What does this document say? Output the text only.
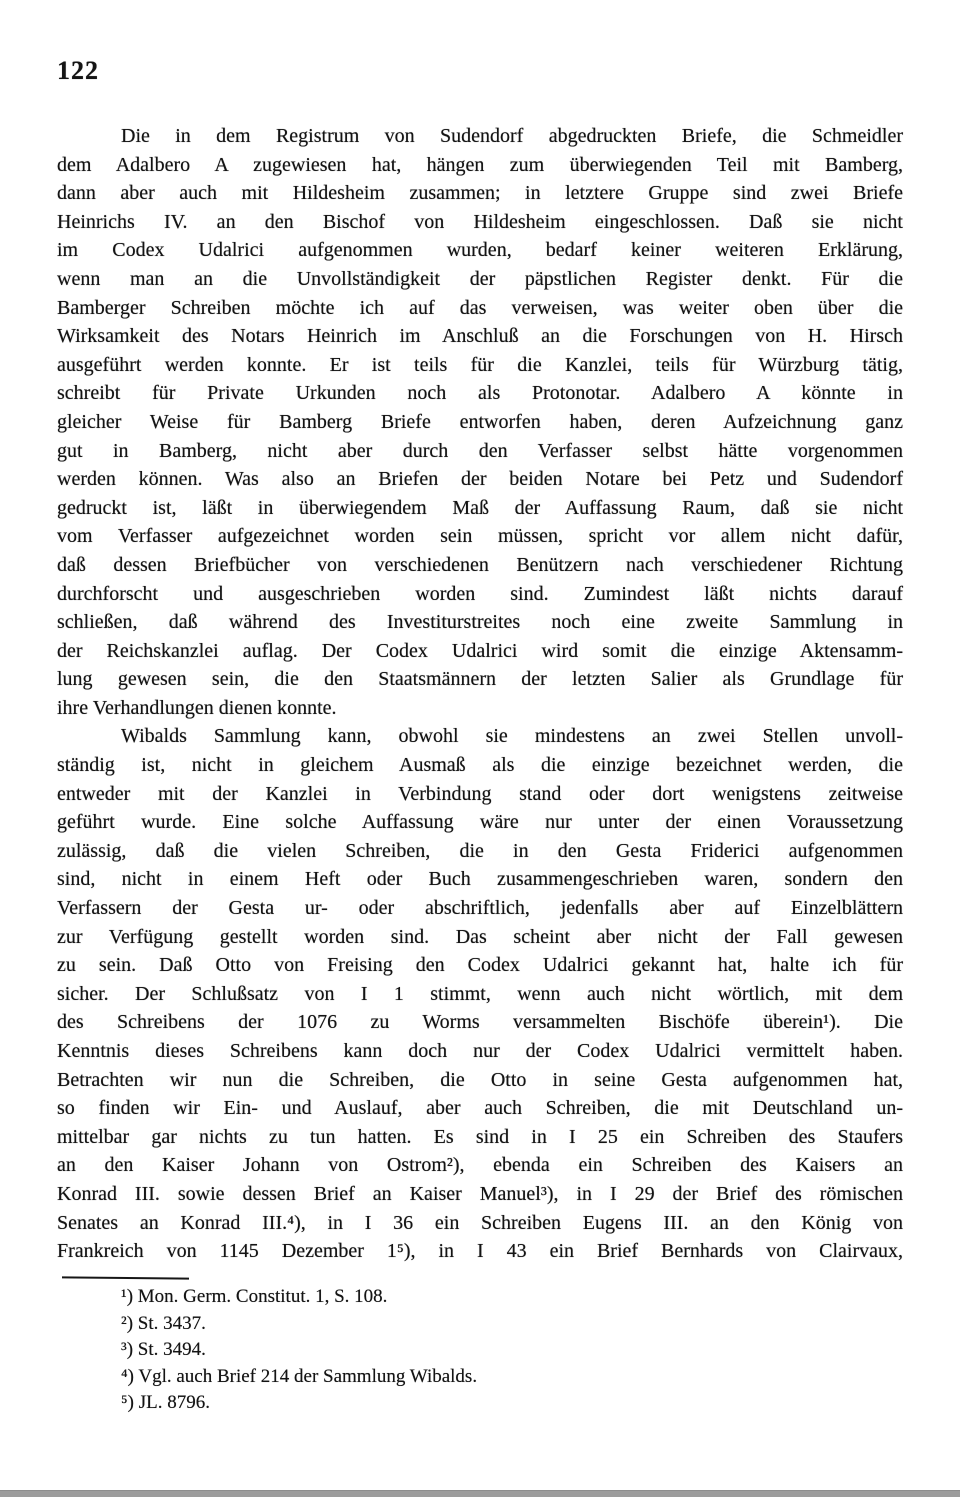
122
Die in dem Registrum von Sudendorf abgedruckten Briefe, die Schmeidler
dem Adalbero A zugewiesen hat, hängen zum überwiegenden Teil mit Bamberg,
dann aber auch mit Hildesheim zusammen; in letztere Gruppe sind zwei Briefe
Heinrichs IV. an den Bischof von Hildesheim eingeschlossen. Daß sie nicht
im Codex Udalrici aufgenommen wurden, bedarf keiner weiteren Erklärung,
wenn man an die Unvollständigkeit der päpstlichen Register denkt. Für die
Bamberger Schreiben möchte ich auf das verweisen, was weiter oben über die
Wirksamkeit des Notars Heinrich im Anschluß an die Forschungen von H. Hirsch
ausgeführt werden konnte. Er ist teils für die Kanzlei, teils für Würzburg tätig,
schreibt für Private Urkunden noch als Protonotar. Adalbero A könnte in
gleicher Weise für Bamberg Briefe entworfen haben, deren Aufzeichnung ganz
gut in Bamberg, nicht aber durch den Verfasser selbst hätte vorgenommen
werden können. Was also an Briefen der beiden Notare bei Petz und Sudendorf
gedruckt ist, läßt in überwiegendem Maß der Auffassung Raum, daß sie nicht
vom Verfasser aufgezeichnet worden sein müssen, spricht vor allem nicht dafür,
daß dessen Briefbücher von verschiedenen Benützern nach verschiedener Richtung
durchforscht und ausgeschrieben worden sind. Zumindest läßt nichts darauf
schließen, daß während des Investiturstreites noch eine zweite Sammlung in
der Reichskanzlei auflag. Der Codex Udalrici wird somit die einzige Aktensamm-
lung gewesen sein, die den Staatsmännern der letzten Salier als Grundlage für
ihre Verhandlungen dienen konnte.
Wibalds Sammlung kann, obwohl sie mindestens an zwei Stellen unvoll-
ständig ist, nicht in gleichem Ausmaß als die einzige bezeichnet werden, die
entweder mit der Kanzlei in Verbindung stand oder dort wenigstens zeitweise
geführt wurde. Eine solche Auffassung wäre nur unter der einen Voraussetzung
zulässig, daß die vielen Schreiben, die in den Gesta Friderici aufgenommen
sind, nicht in einem Heft oder Buch zusammengeschrieben waren, sondern den
Verfassern der Gesta ur- oder abschriftlich, jedenfalls aber auf Einzelblättern
zur Verfügung gestellt worden sind. Das scheint aber nicht der Fall gewesen
zu sein. Daß Otto von Freising den Codex Udalrici gekannt hat, halte ich für
sicher. Der Schlußsatz von I 1 stimmt, wenn auch nicht wörtlich, mit dem
des Schreibens der 1076 zu Worms versammelten Bischöfe überein¹). Die
Kenntnis dieses Schreibens kann doch nur der Codex Udalrici vermittelt haben.
Betrachten wir nun die Schreiben, die Otto in seine Gesta aufgenommen hat,
so finden wir Ein- und Auslauf, aber auch Schreiben, die mit Deutschland un-
mittelbar gar nichts zu tun hatten. Es sind in I 25 ein Schreiben des Staufers
an den Kaiser Johann von Ostrom²), ebenda ein Schreiben des Kaisers an
Konrad III. sowie dessen Brief an Kaiser Manuel³), in I 29 der Brief des römischen
Senates an Konrad III.⁴), in I 36 ein Schreiben Eugens III. an den König von
Frankreich von 1145 Dezember 1⁵), in I 43 ein Brief Bernhards von Clairvaux,
¹) Mon. Germ. Constitut. 1, S. 108.
²) St. 3437.
³) St. 3494.
⁴) Vgl. auch Brief 214 der Sammlung Wibalds.
⁵) JL. 8796.
